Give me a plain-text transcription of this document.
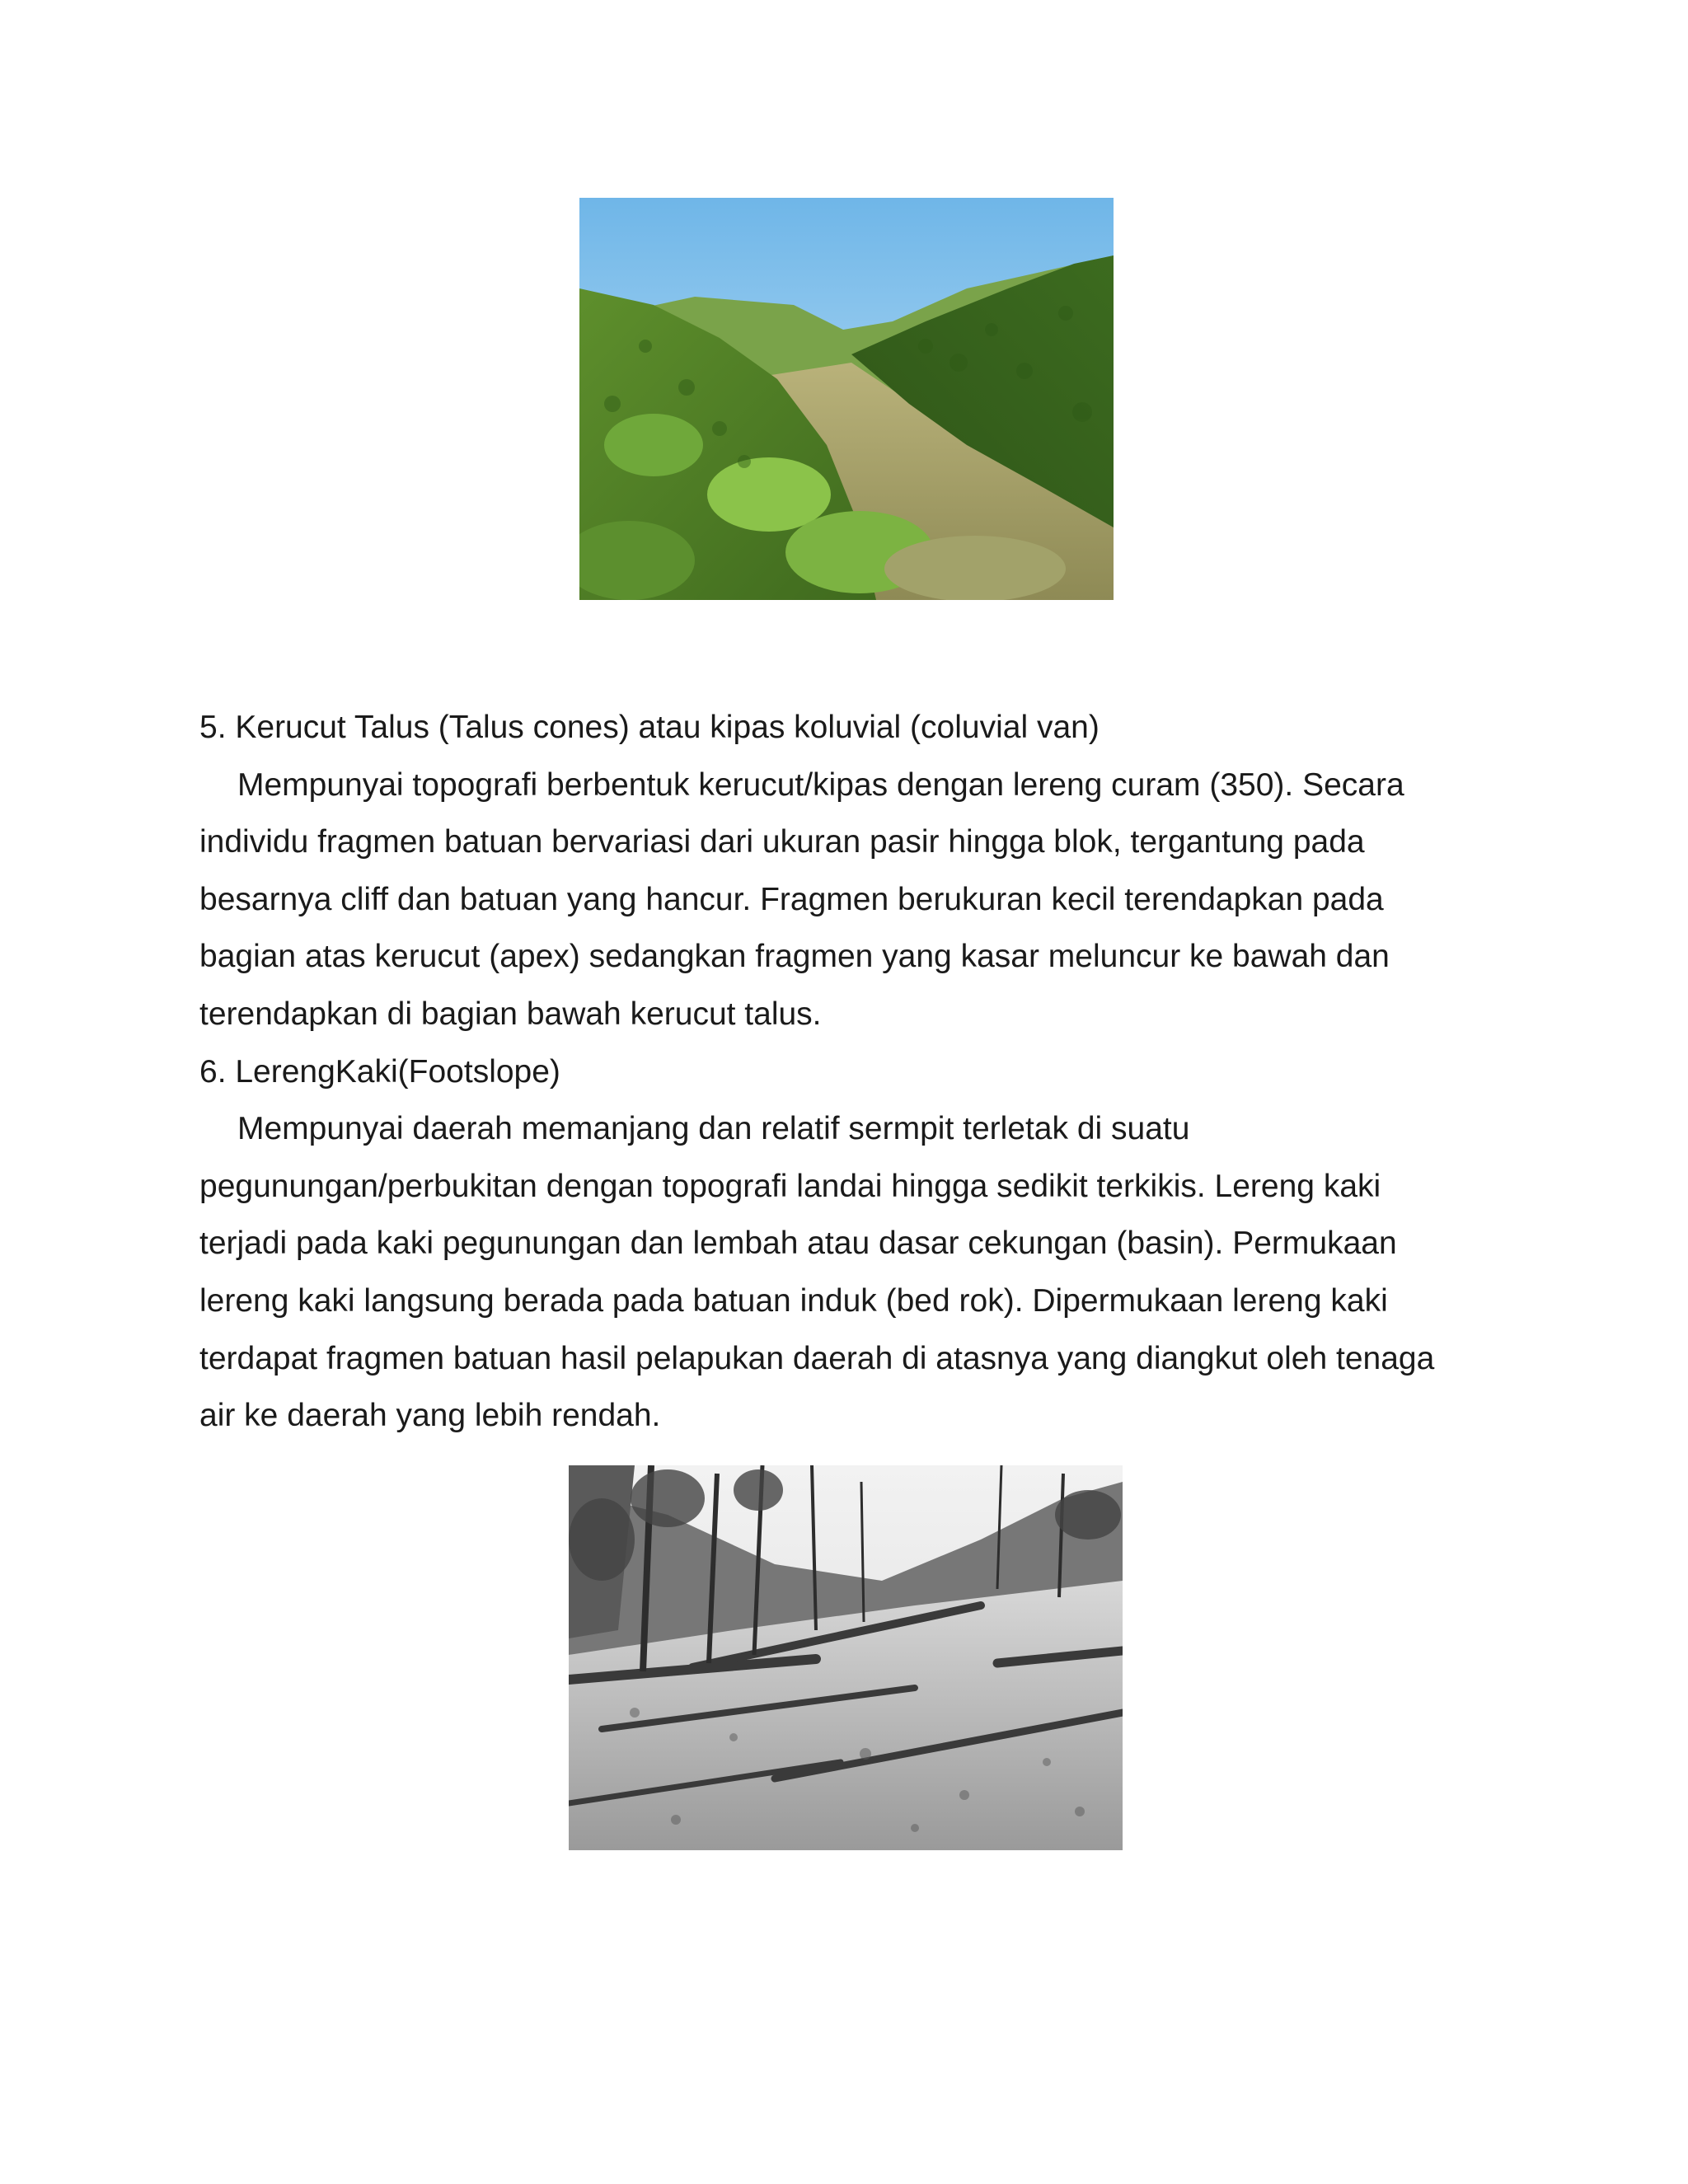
5. Kerucut Talus (Talus cones) atau kipas koluvial (coluvial van)
Mempunyai topografi berbentuk kerucut/kipas dengan lereng curam (350). Secara
individu fragmen batuan bervariasi dari ukuran pasir hingga blok, tergantung pada
besarnya cliff dan batuan yang hancur. Fragmen berukuran kecil terendapkan pada
bagian atas kerucut (apex) sedangkan fragmen yang kasar meluncur ke bawah dan
terendapkan di bagian bawah kerucut talus.
6. LerengKaki(Footslope)
Mempunyai daerah memanjang dan relatif sermpit terletak di suatu
pegunungan/perbukitan dengan topografi landai hingga sedikit terkikis. Lereng kaki
terjadi pada kaki pegunungan dan lembah atau dasar cekungan (basin). Permukaan
lereng kaki langsung berada pada batuan induk (bed rok). Dipermukaan lereng kaki
terdapat fragmen batuan hasil pelapukan daerah di atasnya yang diangkut oleh tenaga
air ke daerah yang lebih rendah.
